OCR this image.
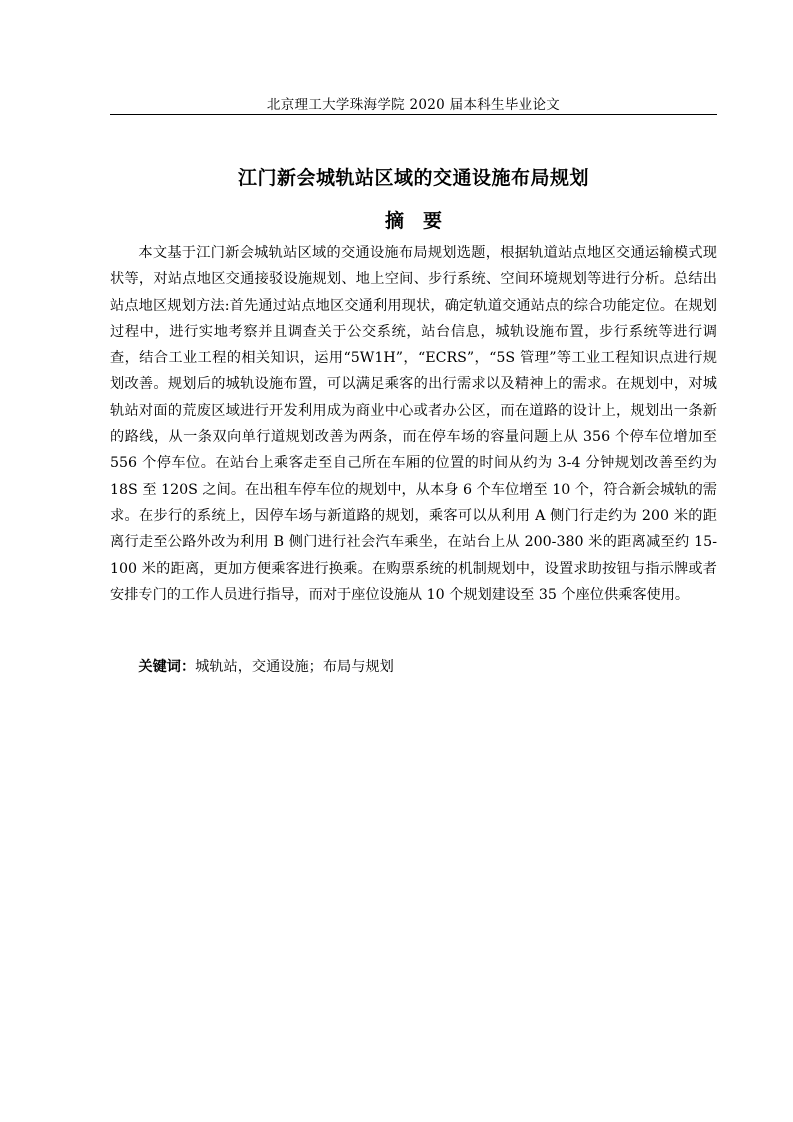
北京理工大学珠海学院 2020 届本科生毕业论文
江门新会城轨站区域的交通设施布局规划
摘　要

本文基于江门新会城轨站区域的交通设施布局规划选题，根据轨道站点地区交通运输模式现状等，对站点地区交通接驳设施规划、地上空间、步行系统、空间环境规划等进行分析。总结出站点地区规划方法:首先通过站点地区交通利用现状，确定轨道交通站点的综合功能定位。在规划过程中，进行实地考察并且调查关于公交系统，站台信息，城轨设施布置，步行系统等进行调查，结合工业工程的相关知识，运用“5W1H”，“ECRS”，“5S 管理”等工业工程知识点进行规划改善。规划后的城轨设施布置，可以满足乘客的出行需求以及精神上的需求。在规划中，对城轨站对面的荒废区域进行开发利用成为商业中心或者办公区，而在道路的设计上，规划出一条新的路线，从一条双向单行道规划改善为两条，而在停车场的容量问题上从 356 个停车位增加至 556 个停车位。在站台上乘客走至自己所在车厢的位置的时间从约为 3-4 分钟规划改善至约为 18S 至 120S 之间。在出租车停车位的规划中，从本身 6 个车位增至 10 个，符合新会城轨的需求。在步行的系统上，因停车场与新道路的规划，乘客可以从利用 A 侧门行走约为 200 米的距离行走至公路外改为利用 B 侧门进行社会汽车乘坐，在站台上从 200-380 米的距离减至约 15-100 米的距离，更加方便乘客进行换乘。在购票系统的机制规划中，设置求助按钮与指示牌或者安排专门的工作人员进行指导，而对于座位设施从 10 个规划建设至 35 个座位供乘客使用。

关键词：城轨站，交通设施；布局与规划
